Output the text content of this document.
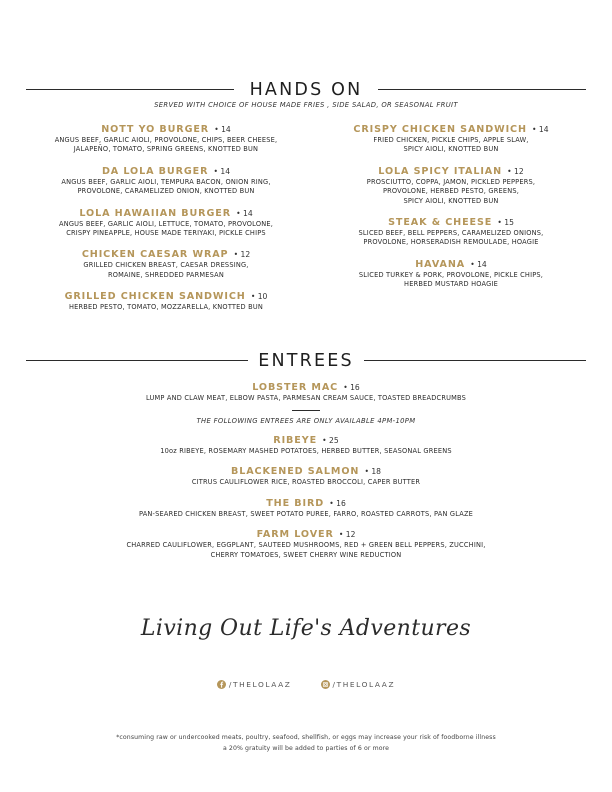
HANDS ON
SERVED WITH CHOICE OF HOUSE MADE FRIES , SIDE SALAD, OR SEASONAL FRUIT
NOTT YO BURGER • 14
ANGUS BEEF, GARLIC AIOLI, PROVOLONE, CHIPS, BEER CHEESE,
JALAPEÑO, TOMATO, SPRING GREENS, KNOTTED BUN
DA LOLA BURGER • 14
ANGUS BEEF, GARLIC AIOLI, TEMPURA BACON, ONION RING,
PROVOLONE, CARAMELIZED ONION, KNOTTED BUN
LOLA HAWAIIAN BURGER • 14
ANGUS BEEF, GARLIC AIOLI, LETTUCE, TOMATO, PROVOLONE,
CRISPY PINEAPPLE, HOUSE MADE TERIYAKI, PICKLE CHIPS
CHICKEN CAESAR WRAP • 12
GRILLED CHICKEN BREAST, CAESAR DRESSING,
ROMAINE, SHREDDED PARMESAN
GRILLED CHICKEN SANDWICH • 10
HERBED PESTO, TOMATO, MOZZARELLA, KNOTTED BUN
CRISPY CHICKEN SANDWICH • 14
FRIED CHICKEN, PICKLE CHIPS, APPLE SLAW,
SPICY AIOLI, KNOTTED BUN
LOLA SPICY ITALIAN • 12
PROSCIUTTO, COPPA, JAMON, PICKLED PEPPERS,
PROVOLONE, HERBED PESTO, GREENS,
SPICY AIOLI, KNOTTED BUN
STEAK & CHEESE • 15
SLICED BEEF, BELL PEPPERS, CARAMELIZED ONIONS,
PROVOLONE, HORSERADISH REMOULADE, HOAGIE
HAVANA • 14
SLICED TURKEY & PORK, PROVOLONE, PICKLE CHIPS,
HERBED MUSTARD HOAGIE
ENTREES
LOBSTER MAC • 16
LUMP AND CLAW MEAT, ELBOW PASTA, PARMESAN CREAM SAUCE, TOASTED BREADCRUMBS
THE FOLLOWING ENTREES ARE ONLY AVAILABLE 4PM-10PM
RIBEYE • 25
10oz RIBEYE, ROSEMARY MASHED POTATOES, HERBED BUTTER, SEASONAL GREENS
BLACKENED SALMON • 18
CITRUS CAULIFLOWER RICE, ROASTED BROCCOLI, CAPER BUTTER
THE BIRD • 16
PAN-SEARED CHICKEN BREAST, SWEET POTATO PUREE, FARRO, ROASTED CARROTS, PAN GLAZE
FARM LOVER • 12
CHARRED CAULIFLOWER, EGGPLANT, SAUTEED MUSHROOMS, RED + GREEN BELL PEPPERS, ZUCCHINI,
CHERRY TOMATOES, SWEET CHERRY WINE REDUCTION
Living Out Life's Adventures
/THELOLAAZ	/THELOLAAZ
*consuming raw or undercooked meats, poultry, seafood, shellfish, or eggs may increase your risk of foodborne illness
a 20% gratuity will be added to parties of 6 or more
